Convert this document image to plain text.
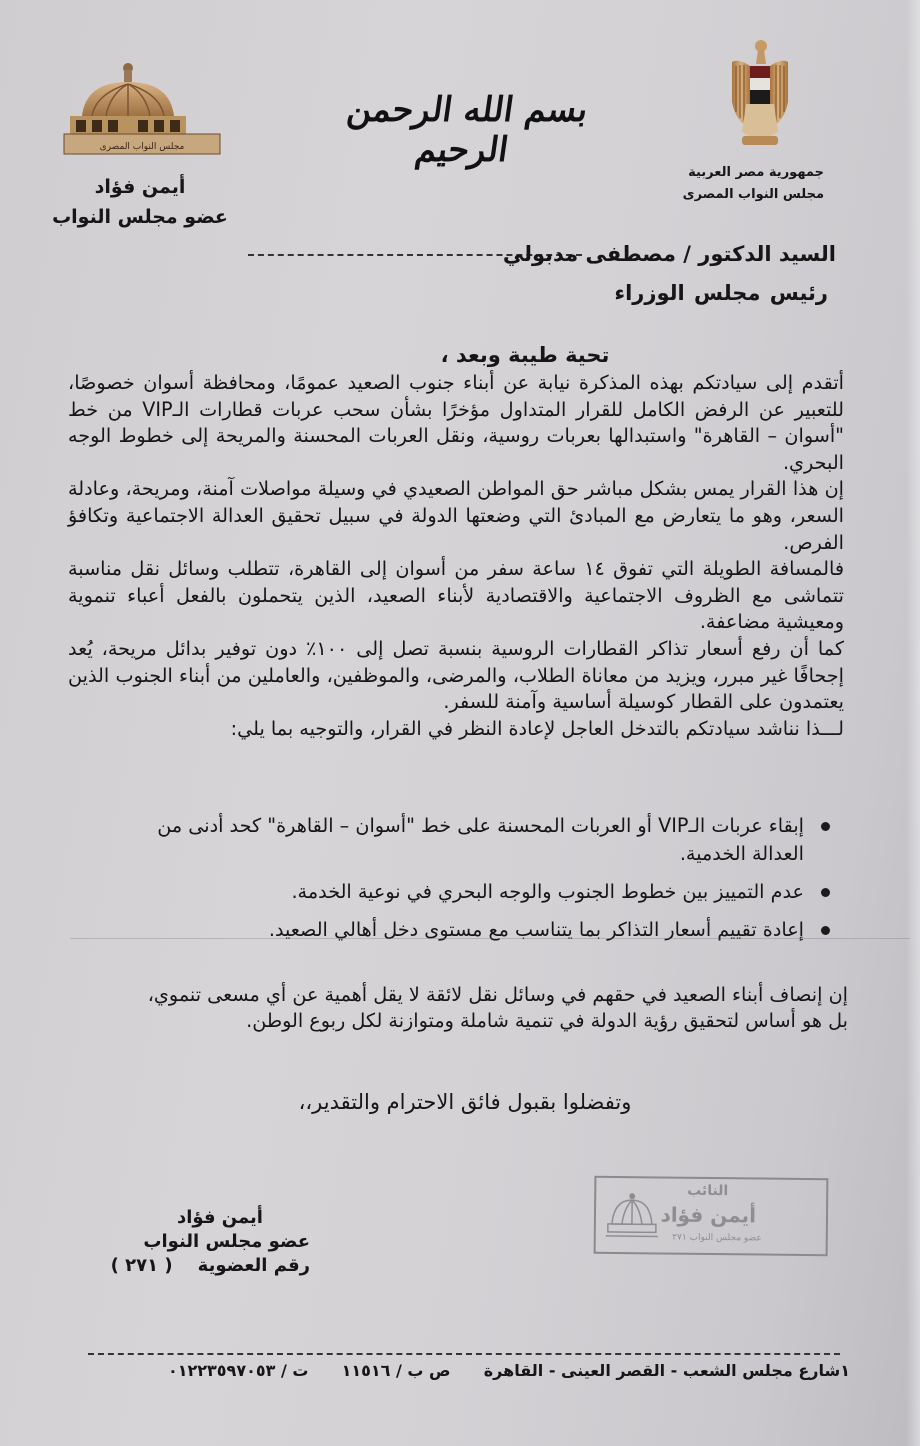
جمهورية مصر العربية
مجلس النواب المصرى
بسم الله الرحمن الرحيم
مجلس النواب المصرى
أيمن فؤاد
عضو مجلس النواب
السيد الدكتور / مصطفى مدبولي
رئيس مجلس الوزراء
تحية طيبة وبعد ،

أتقدم إلى سيادتكم بهذه المذكرة نيابة عن أبناء جنوب الصعيد عمومًا، ومحافظة أسوان خصوصًا، للتعبير عن الرفض الكامل للقرار المتداول مؤخرًا بشأن سحب عربات قطارات الـVIP من خط "أسوان – القاهرة" واستبدالها بعربات روسية، ونقل العربات المحسنة والمريحة إلى خطوط الوجه البحري.

إن هذا القرار يمس بشكل مباشر حق المواطن الصعيدي في وسيلة مواصلات آمنة، ومريحة، وعادلة السعر، وهو ما يتعارض مع المبادئ التي وضعتها الدولة في سبيل تحقيق العدالة الاجتماعية وتكافؤ الفرص.

فالمسافة الطويلة التي تفوق ١٤ ساعة سفر من أسوان إلى القاهرة، تتطلب وسائل نقل مناسبة تتماشى مع الظروف الاجتماعية والاقتصادية لأبناء الصعيد، الذين يتحملون بالفعل أعباء تنموية ومعيشية مضاعفة.

كما أن رفع أسعار تذاكر القطارات الروسية بنسبة تصل إلى ١٠٠٪ دون توفير بدائل مريحة، يُعد إجحافًا غير مبرر، ويزيد من معاناة الطلاب، والمرضى، والموظفين، والعاملين من أبناء الجنوب الذين يعتمدون على القطار كوسيلة أساسية وآمنة للسفر.

لـــذا نناشد سيادتكم بالتدخل العاجل لإعادة النظر في القرار، والتوجيه بما يلي:

إبقاء عربات الـVIP أو العربات المحسنة على خط "أسوان – القاهرة" كحد أدنى من العدالة الخدمية.
عدم التمييز بين خطوط الجنوب والوجه البحري في نوعية الخدمة.
إعادة تقييم أسعار التذاكر بما يتناسب مع مستوى دخل أهالي الصعيد.

إن إنصاف أبناء الصعيد في حقهم في وسائل نقل لائقة لا يقل أهمية عن أي مسعى تنموي،

بل هو أساس لتحقيق رؤية الدولة في تنمية شاملة ومتوازنة لكل ربوع الوطن.

وتفضلوا بقبول فائق الاحترام والتقدير،،
النائب
أيمن فؤاد
عضو مجلس النواب ٢٧١
أيمن فؤاد
عضو مجلس النواب
رقم العضوية    ( ٢٧١ )
١شارع مجلس الشعب - القصر العينى - القاهرة  ص ب / ١١٥١٦  ت / ٠١٢٢٣٥٩٧٠٥٣
